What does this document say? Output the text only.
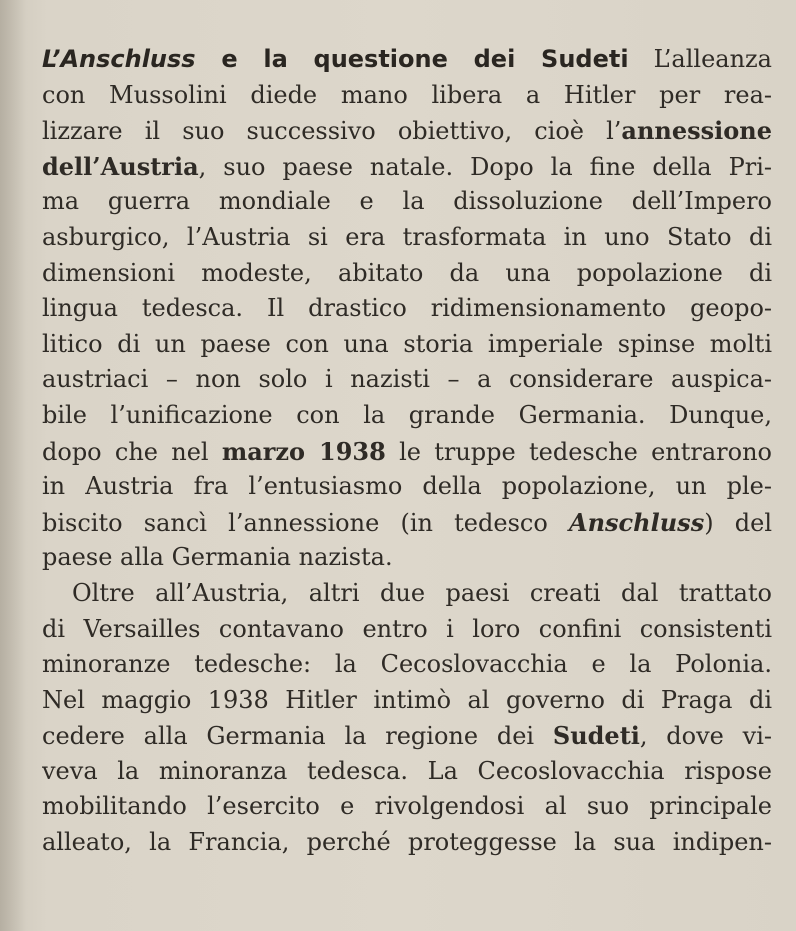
L’Anschluss e la questione dei Sudeti L’alleanza
con Mussolini diede mano libera a Hitler per rea-
lizzare il suo successivo obiettivo, cioè l’annessione
dell’Austria, suo paese natale. Dopo la fine della Pri-
ma guerra mondiale e la dissoluzione dell’Impero
asburgico, l’Austria si era trasformata in uno Stato di
dimensioni modeste, abitato da una popolazione di
lingua tedesca. Il drastico ridimensionamento geopo-
litico di un paese con una storia imperiale spinse molti
austriaci – non solo i nazisti – a considerare auspica-
bile l’unificazione con la grande Germania. Dunque,
dopo che nel marzo 1938 le truppe tedesche entrarono
in Austria fra l’entusiasmo della popolazione, un ple-
biscito sancì l’annessione (in tedesco Anschluss) del
paese alla Germania nazista.
Oltre all’Austria, altri due paesi creati dal trattato
di Versailles contavano entro i loro confini consistenti
minoranze tedesche: la Cecoslovacchia e la Polonia.
Nel maggio 1938 Hitler intimò al governo di Praga di
cedere alla Germania la regione dei Sudeti, dove vi-
veva la minoranza tedesca. La Cecoslovacchia rispose
mobilitando l’esercito e rivolgendosi al suo principale
alleato, la Francia, perché proteggesse la sua indipen-
